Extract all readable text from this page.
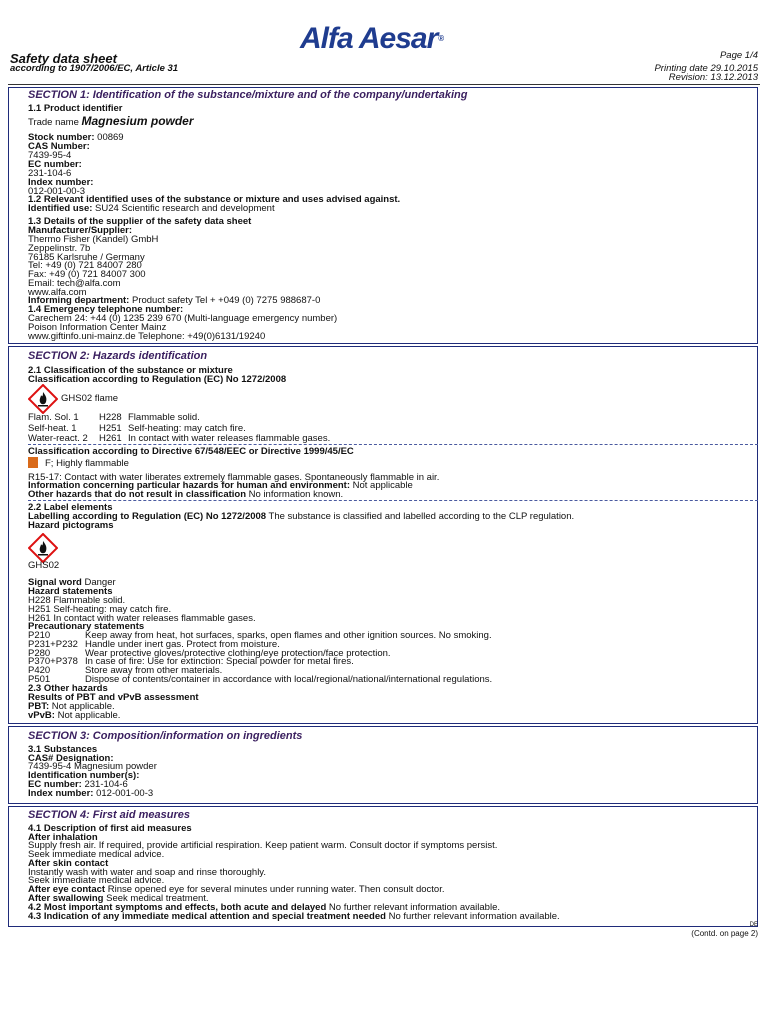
Alfa Aesar®
Safety data sheet
according to 1907/2006/EC, Article 31
Page 1/4
Printing date 29.10.2015
Revision: 13.12.2013
SECTION 1: Identification of the substance/mixture and of the company/undertaking
1.1 Product identifier
Trade name Magnesium powder
Stock number: 00869
CAS Number:
7439-95-4
EC number:
231-104-6
Index number:
012-001-00-3
1.2 Relevant identified uses of the substance or mixture and uses advised against.
Identified use: SU24 Scientific research and development
1.3 Details of the supplier of the safety data sheet
Manufacturer/Supplier:
Thermo Fisher (Kandel) GmbH
Zeppelinstr. 7b
76185 Karlsruhe / Germany
Tel: +49 (0) 721 84007 280
Fax: +49 (0) 721 84007 300
Email: tech@alfa.com
www.alfa.com
Informing department: Product safety Tel + +049 (0) 7275 988687-0
1.4 Emergency telephone number:
Carechem 24: +44 (0) 1235 239 670 (Multi-language emergency number)
Poison Information Center Mainz
www.giftinfo.uni-mainz.de Telephone: +49(0)6131/19240
SECTION 2: Hazards identification
2.1 Classification of the substance or mixture
Classification according to Regulation (EC) No 1272/2008
GHS02 flame
Flam. Sol. 1 H228 Flammable solid.
Self-heat. 1 H251 Self-heating: may catch fire.
Water-react. 2 H261 In contact with water releases flammable gases.
Classification according to Directive 67/548/EEC or Directive 1999/45/EC
F; Highly flammable
R15-17: Contact with water liberates extremely flammable gases. Spontaneously flammable in air.
Information concerning particular hazards for human and environment: Not applicable
Other hazards that do not result in classification No information known.
2.2 Label elements
Labelling according to Regulation (EC) No 1272/2008 The substance is classified and labelled according to the CLP regulation.
Hazard pictograms
GHS02
Signal word Danger
Hazard statements
H228 Flammable solid.
H251 Self-heating: may catch fire.
H261 In contact with water releases flammable gases.
Precautionary statements
P210	Keep away from heat, hot surfaces, sparks, open flames and other ignition sources. No smoking.
P231+P232 Handle under inert gas. Protect from moisture.
P280	Wear protective gloves/protective clothing/eye protection/face protection.
P370+P378 In case of fire: Use for extinction: Special powder for metal fires.
P420	Store away from other materials.
P501	Dispose of contents/container in accordance with local/regional/national/international regulations.
2.3 Other hazards
Results of PBT and vPvB assessment
PBT: Not applicable.
vPvB: Not applicable.
SECTION 3: Composition/information on ingredients
3.1 Substances
CAS# Designation:
7439-95-4 Magnesium powder
Identification number(s):
EC number: 231-104-6
Index number: 012-001-00-3
SECTION 4: First aid measures
4.1 Description of first aid measures
After inhalation
Supply fresh air. If required, provide artificial respiration. Keep patient warm. Consult doctor if symptoms persist.
Seek immediate medical advice.
After skin contact
Instantly wash with water and soap and rinse thoroughly.
Seek immediate medical advice.
After eye contact Rinse opened eye for several minutes under running water. Then consult doctor.
After swallowing Seek medical treatment.
4.2 Most important symptoms and effects, both acute and delayed No further relevant information available.
4.3 Indication of any immediate medical attention and special treatment needed No further relevant information available.
DE
(Contd. on page 2)
